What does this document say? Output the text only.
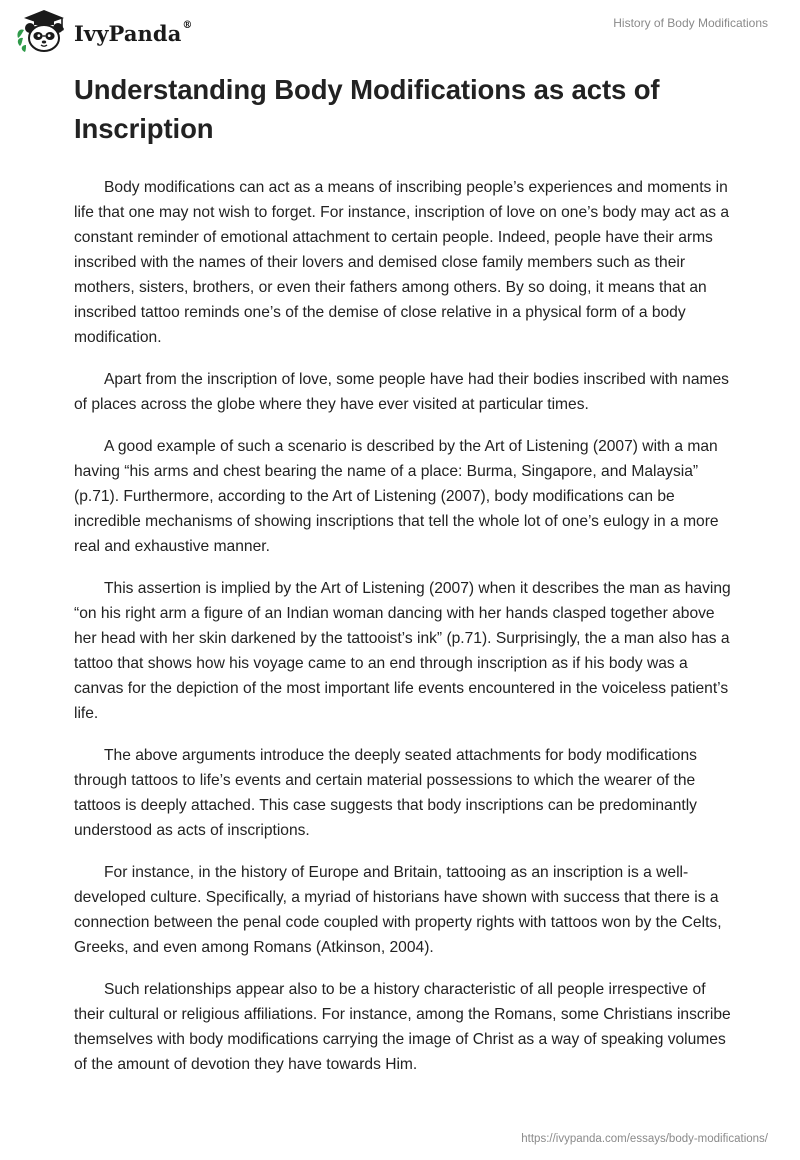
IvyPanda®	History of Body Modifications
Understanding Body Modifications as acts of Inscription

Body modifications can act as a means of inscribing people’s experiences and moments in life that one may not wish to forget. For instance, inscription of love on one’s body may act as a constant reminder of emotional attachment to certain people. Indeed, people have their arms inscribed with the names of their lovers and demised close family members such as their mothers, sisters, brothers, or even their fathers among others. By so doing, it means that an inscribed tattoo reminds one’s of the demise of close relative in a physical form of a body modification.

Apart from the inscription of love, some people have had their bodies inscribed with names of places across the globe where they have ever visited at particular times.

A good example of such a scenario is described by the Art of Listening (2007) with a man having “his arms and chest bearing the name of a place: Burma, Singapore, and Malaysia” (p.71). Furthermore, according to the Art of Listening (2007), body modifications can be incredible mechanisms of showing inscriptions that tell the whole lot of one’s eulogy in a more real and exhaustive manner.

This assertion is implied by the Art of Listening (2007) when it describes the man as having “on his right arm a figure of an Indian woman dancing with her hands clasped together above her head with her skin darkened by the tattooist’s ink” (p.71). Surprisingly, the a man also has a tattoo that shows how his voyage came to an end through inscription as if his body was a canvas for the depiction of the most important life events encountered in the voiceless patient’s life.

The above arguments introduce the deeply seated attachments for body modifications through tattoos to life’s events and certain material possessions to which the wearer of the tattoos is deeply attached. This case suggests that body inscriptions can be predominantly understood as acts of inscriptions.

For instance, in the history of Europe and Britain, tattooing as an inscription is a well-developed culture. Specifically, a myriad of historians have shown with success that there is a connection between the penal code coupled with property rights with tattoos won by the Celts, Greeks, and even among Romans (Atkinson, 2004).

Such relationships appear also to be a history characteristic of all people irrespective of their cultural or religious affiliations. For instance, among the Romans, some Christians inscribe themselves with body modifications carrying the image of Christ as a way of speaking volumes of the amount of devotion they have towards Him.

https://ivypanda.com/essays/body-modifications/
